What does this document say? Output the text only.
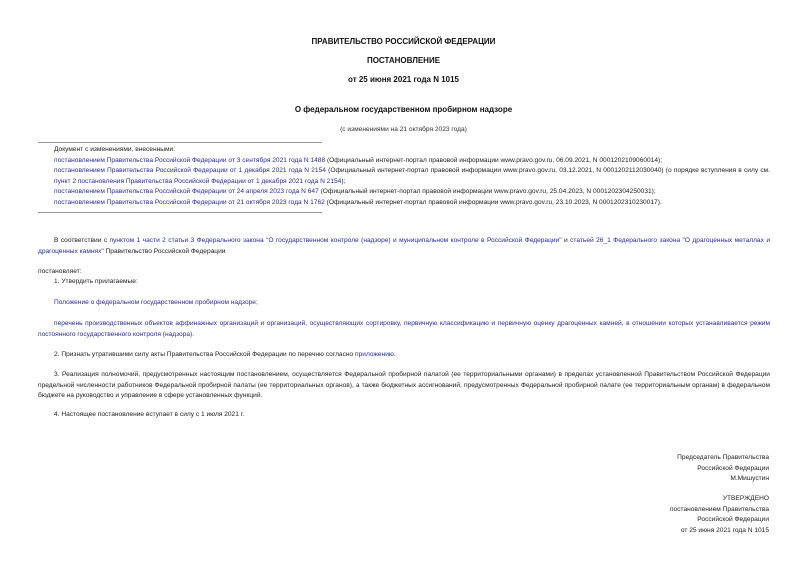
ПРАВИТЕЛЬСТВО РОССИЙСКОЙ ФЕДЕРАЦИИ
ПОСТАНОВЛЕНИЕ
от 25 июня 2021 года N 1015
О федеральном государственном пробирном надзоре
(с изменениями на 21 октября 2023 года)

Документ с изменениями, внесенными:

постановлением Правительства Российской Федерации от 3 сентября 2021 года N 1488 (Официальный интернет-портал правовой информации www.pravo.gov.ru, 06.09.2021, N 0001202109060014);

постановлением Правительства Российской Федерации от 1 декабря 2021 года N 2154 (Официальный интернет-портал правовой информации www.pravo.gov.ru, 03.12.2021, N 0001202112030040) (о порядке вступления в силу см. пункт 2 постановления Правительства Российской Федерации от 1 декабря 2021 года N 2154);

постановлением Правительства Российской Федерации от 24 апреля 2023 года N 647 (Официальный интернет-портал правовой информации www.pravo.gov.ru, 25.04.2023, N 0001202304250031);

постановлением Правительства Российской Федерации от 21 октября 2023 года N 1762 (Официальный интернет-портал правовой информации www.pravo.gov.ru, 23.10.2023, N 0001202310230017).

В соответствии с пунктом 1 части 2 статьи 3 Федерального закона "О государственном контроле (надзоре) и муниципальном контроле в Российской Федерации" и статьей 26_1 Федерального закона "О драгоценных металлах и драгоценных камнях" Правительство Российской Федерации
постановляет:
1. Утвердить прилагаемые:
Положение о федеральном государственном пробирном надзоре;
перечень производственных объектов аффинажных организаций и организаций, осуществляющих сортировку, первичную классификацию и первичную оценку драгоценных камней, в отношении которых устанавливается режим постоянного государственного контроля (надзора).
2. Признать утратившими силу акты Правительства Российской Федерации по перечню согласно приложению.
3. Реализация полномочий, предусмотренных настоящим постановлением, осуществляется Федеральной пробирной палатой (ее территориальными органами) в пределах установленной Правительством Российской Федерации предельной численности работников Федеральной пробирной палаты (ее территориальных органов), а также бюджетных ассигнований, предусмотренных Федеральной пробирной палате (ее территориальным органам) в федеральном бюджете на руководство и управление в сфере установленных функций.
4. Настоящее постановление вступает в силу с 1 июля 2021 г.

Председатель Правительства

Российской Федерации

М.Мишустин

УТВЕРЖДЕНО

постановлением Правительства

Российской Федерации

от 25 июня 2021 года N 1015
